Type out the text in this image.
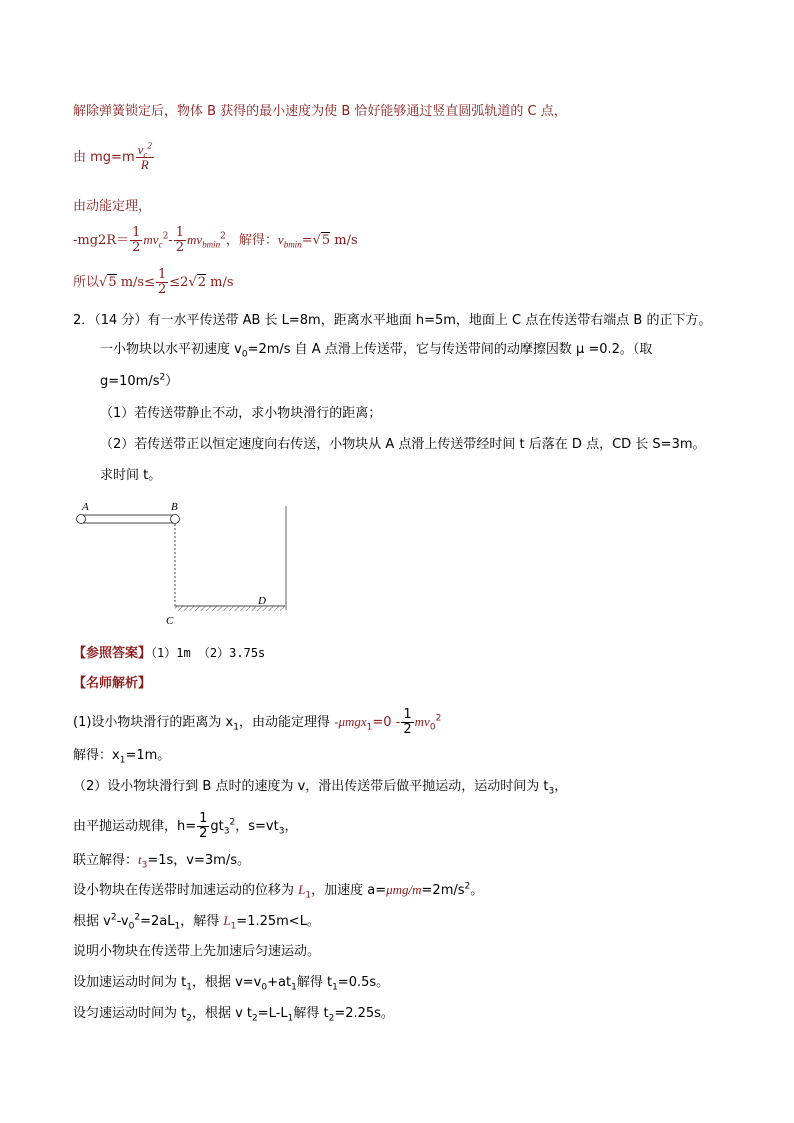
解除弹簧锁定后，物体 B 获得的最小速度为使 B 恰好能够通过竖直圆弧轨道的 C 点，
由 $mg=m \frac{v_c^2}{R}$
由动能定理，
$-mg2R= \frac{1}{2} mv_c^2- \frac{1}{2} mv_{bmin}^2$，解得：$v_{bmin}=√5$ m/s
所以√5 $m/s\le \frac{1}{2} \le 2√2$ m/s
2．（14 分）有一水平传送带 AB 长 L=8m，距离水平地面 h=5m，地面上 C 点在传送带右端点 B 的正下方。
一小物块以水平初速度 $v_0=2m/s$ 自 A 点滑上传送带，它与传送带间的动摩擦因数 μ =0.2。（取
$g=10m/s^2$）
（1）若传送带静止不动，求小物块滑行的距离；
（2）若传送带正以恒定速度向右传送，小物块从 A 点滑上传送带经时间 t 后落在 D 点，CD 长 S=3m。
求时间 t。
A	B
C
D
【参照答案】（1）1m （2）3.75s
【名师解析】
(1)设小物块滑行的距离为 $x_1$，由动能定理得 $-\mu mgx_1=0 - \frac{1}{2} mv_0^2$
解得：$x_1=1m$。
（2）设小物块滑行到 B 点时的速度为 v，滑出传送带后做平抛运动，运动时间为 $t_3$，
由平抛运动规律，$h= \frac{1}{2} gt_3^2$，$s=vt_3$，
联立解得：$t_3=1s$，v=3m/s。
设小物块在传送带时加速运动的位移为 $L_1$，加速度 $a=\mu mg/m=2m/s^2$。
根据 $v^2-v_0^2=2aL_1$，解得 $L_1=1.25m<L$。
说明小物块在传送带上先加速后匀速运动。
设加速运动时间为 $t_1$，根据 $v=v_0+at_1$解得 $t_1=0.5s$。
设匀速运动时间为 $t_2$，根据 v $t_2=L-L_1$解得 $t_2=2.25s$。
